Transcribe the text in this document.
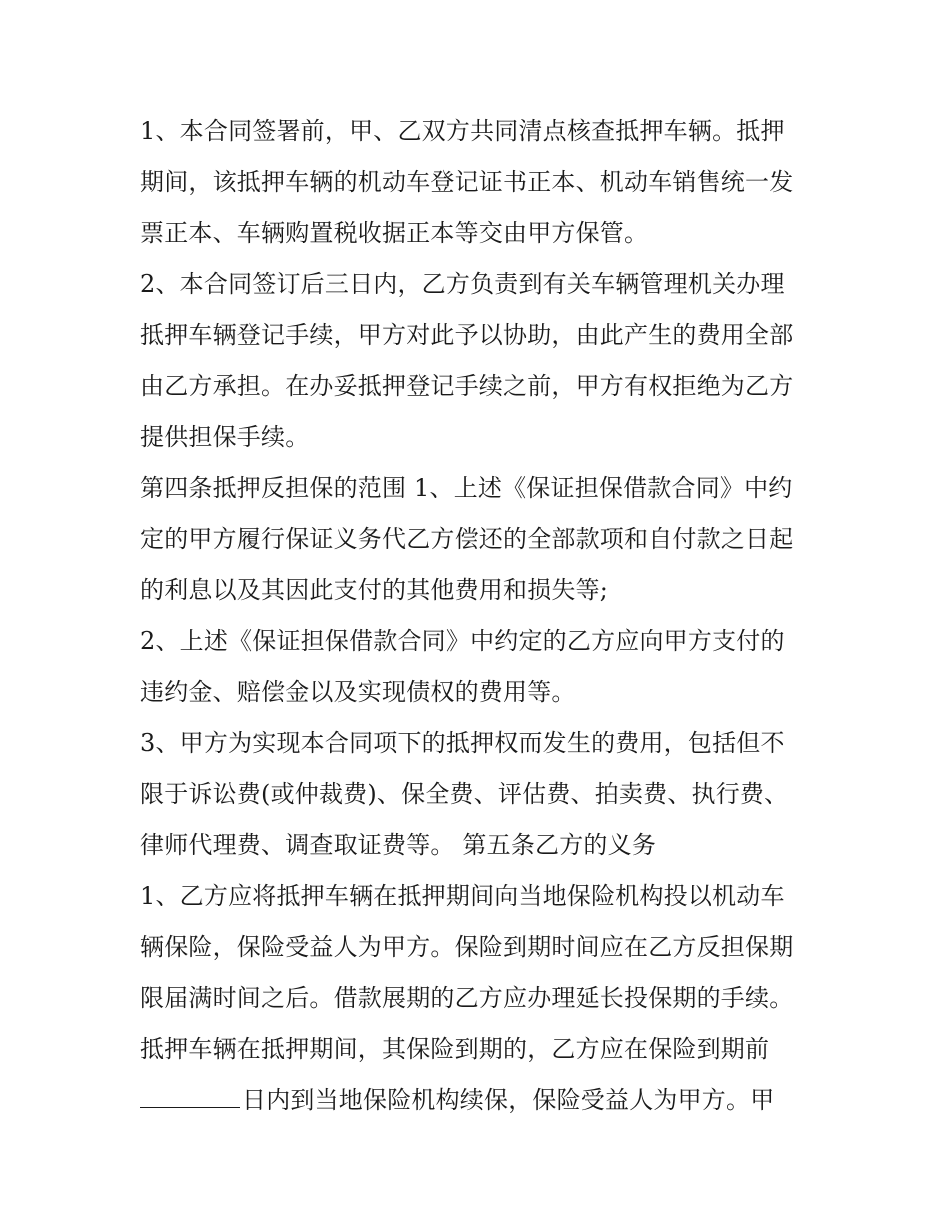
1、本合同签署前，甲、乙双方共同清点核查抵押车辆。抵押
期间，该抵押车辆的机动车登记证书正本、机动车销售统一发
票正本、车辆购置税收据正本等交由甲方保管。
2、本合同签订后三日内，乙方负责到有关车辆管理机关办理
抵押车辆登记手续，甲方对此予以协助，由此产生的费用全部
由乙方承担。在办妥抵押登记手续之前，甲方有权拒绝为乙方
提供担保手续。
第四条抵押反担保的范围 1、上述《保证担保借款合同》中约
定的甲方履行保证义务代乙方偿还的全部款项和自付款之日起
的利息以及其因此支付的其他费用和损失等;
2、上述《保证担保借款合同》中约定的乙方应向甲方支付的
违约金、赔偿金以及实现债权的费用等。
3、甲方为实现本合同项下的抵押权而发生的费用，包括但不
限于诉讼费(或仲裁费)、保全费、评估费、拍卖费、执行费、
律师代理费、调查取证费等。 第五条乙方的义务
1、乙方应将抵押车辆在抵押期间向当地保险机构投以机动车
辆保险，保险受益人为甲方。保险到期时间应在乙方反担保期
限届满时间之后。借款展期的乙方应办理延长投保期的手续。
抵押车辆在抵押期间，其保险到期的，乙方应在保险到期前
日内到当地保险机构续保，保险受益人为甲方。甲
